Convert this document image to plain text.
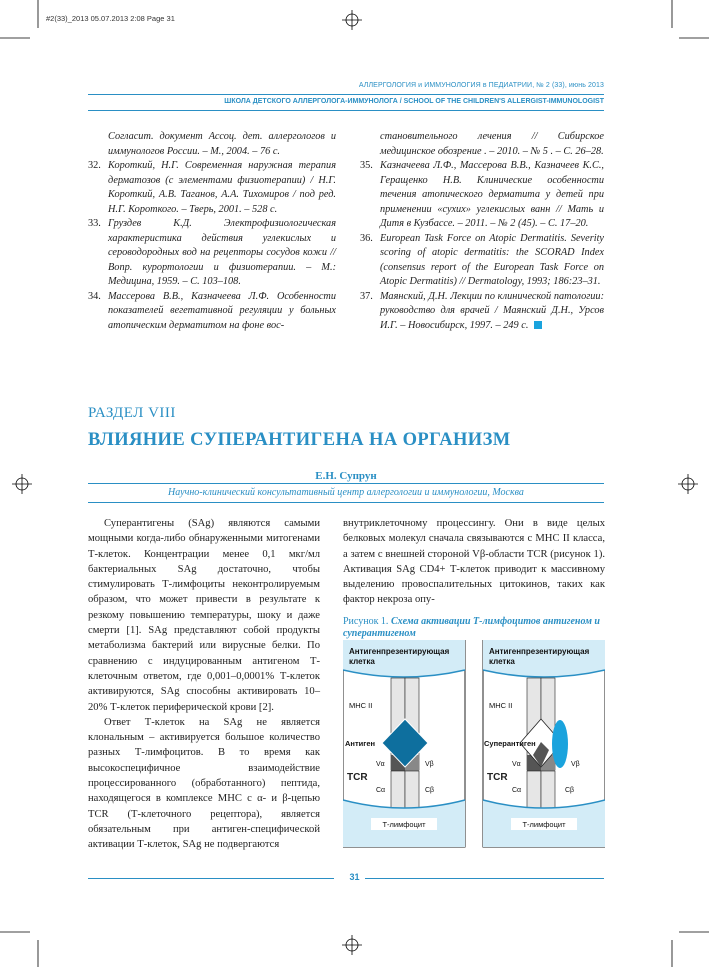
#2(33)_2013 05.07.2013 2:08 Page 31
АЛЛЕРГОЛОГИЯ и ИММУНОЛОГИЯ в ПЕДИАТРИИ, № 2 (33), июнь 2013
ШКОЛА ДЕТСКОГО АЛЛЕРГОЛОГА-ИММУНОЛОГА / SCHOOL OF THE CHILDREN'S ALLERGIST-IMMUNOLOGIST

Согласит. документ Ассоц. дет. аллергологов и иммунологов России. – М., 2004. – 76 с.

32. Короткий, Н.Г. Современная наружная терапия дерматозов (с элементами физиотерапии) / Н.Г. Короткий, А.В. Таганов, А.А. Тихомиров / под ред. Н.Г. Короткого. – Тверь, 2001. – 528 с.

33. Груздев К.Д. Электрофизиологическая характеристика действия углекислых и сероводородных вод на рецепторы сосудов кожи // Вопр. курортологии и физиотерапии. – М.: Медицина, 1959. – С. 103–108.

34. Массерова В.В., Казначеева Л.Ф. Особенности показателей вегетативной регуляции у больных атопическим дерматитом на фоне вос-

становительного лечения // Сибирское медицинское обозрение . – 2010. – № 5 . – С. 26–28.

35. Казначеева Л.Ф., Массерова В.В., Казначеев К.С., Геращенко Н.В. Клинические особенности течения атопического дерматита у детей при применении «сухих» углекислых ванн // Мать и Дитя в Кузбассе. – 2011. – № 2 (45). – С. 17–20.

36. European Task Force on Atopic Dermatitis. Severity scoring of atopic dermatitis: the SCORAD Index (consensus report of the European Task Force on Atopic Dermatitis) // Dermatology, 1993; 186:23–31.

37. Маянский, Д.Н. Лекции по клинической патологии: руководство для врачей / Маянский Д.Н., Урсов И.Г. – Новосибирск, 1997. – 249 с.

РАЗДЕЛ VIII
ВЛИЯНИЕ СУПЕРАНТИГЕНА НА ОРГАНИЗМ
Е.Н. Супрун
Научно-клинический консультативный центр аллергологии и иммунологии, Москва

Суперантигены (SAg) являются самыми мощными когда-либо обнаруженными митогенами Т-клеток. Концентрации менее 0,1 мкг/мл бактериальных SAg достаточно, чтобы стимулировать Т-лимфоциты неконтролируемым образом, что может привести в результате к резкому повышению температуры, шоку и даже смерти [1]. SAg представляют собой продукты метаболизма бактерий или вирусные белки. По сравнению с индуцированным антигеном Т-клеточным ответом, где 0,001–0,0001% Т-клеток активируются, SAg способны активировать 10–20% Т-клеток периферической крови [2].

Ответ Т-клеток на SAg не является клональным – активируется большое количество разных Т-лимфоцитов. В то время как высокоспецифичное взаимодействие процессированного (обработанного) пептида, находящегося в комплексе МНС с α- и β-цепью TCR (Т-клеточного рецептора), является обязательным при антиген-специфической активации Т-клеток, SAg не подвергаются

внутриклеточному процессингу. Они в виде целых белковых молекул сначала связываются с МНС II класса, а затем с внешней стороной Vβ-области TCR (рисунок 1). Активация SAg CD4+ Т-клеток приводит к массивному выделению провоспалительных цитокинов, таких как фактор некроза опу-

Рисунок 1. Схема активации Т-лимфоцитов антигеном и суперантигеном
Антигенпрезентирующая
клетка
МНС II
Антиген
Vα	Vβ
TCR
Cα	Cβ
Т-лимфоцит
Антигенпрезентирующая
клетка
МНС II
Суперантиген
Vα	Vβ
TCR
Cα	Cβ
Т-лимфоцит
31
